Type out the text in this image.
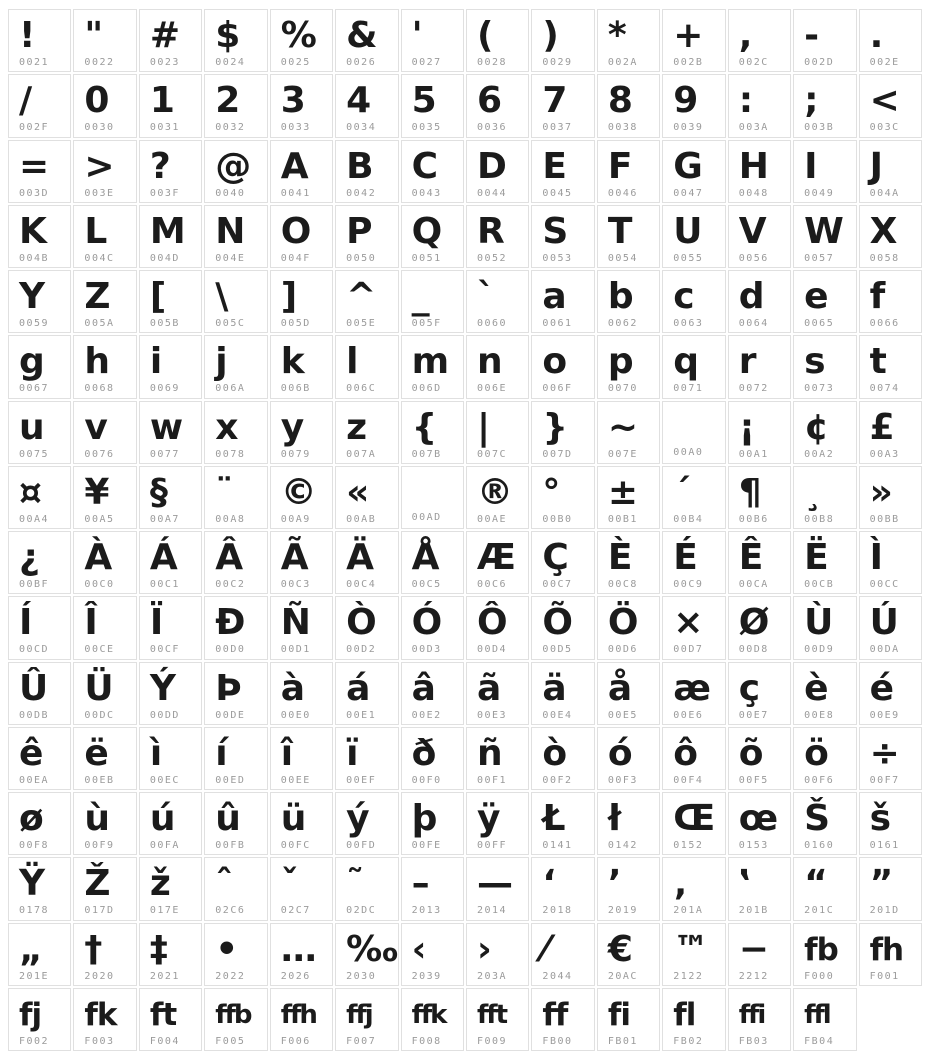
!
0021
"
0022
#
0023
$
0024
%
0025
&
0026
'
0027
(
0028
)
0029
*
002A
+
002B
,
002C
-
002D
.
002E
/
002F
0
0030
1
0031
2
0032
3
0033
4
0034
5
0035
6
0036
7
0037
8
0038
9
0039
:
003A
;
003B
<
003C
=
003D
>
003E
?
003F
@
0040
A
0041
B
0042
C
0043
D
0044
E
0045
F
0046
G
0047
H
0048
I
0049
J
004A
K
004B
L
004C
M
004D
N
004E
O
004F
P
0050
Q
0051
R
0052
S
0053
T
0054
U
0055
V
0056
W
0057
X
0058
Y
0059
Z
005A
[
005B
\
005C
]
005D
^
005E
_
005F
`
0060
a
0061
b
0062
c
0063
d
0064
e
0065
f
0066
g
0067
h
0068
i
0069
j
006A
k
006B
l
006C
m
006D
n
006E
o
006F
p
0070
q
0071
r
0072
s
0073
t
0074
u
0075
v
0076
w
0077
x
0078
y
0079
z
007A
{
007B
|
007C
}
007D
~
007E	00A0
¡
00A1
¢
00A2
£
00A3
¤
00A4
¥
00A5
§
00A7
¨
00A8
©
00A9
«
00AB	00AD
®
00AE
°
00B0
±
00B1
´
00B4
¶
00B6
¸
00B8
»
00BB
¿
00BF
À
00C0
Á
00C1
Â
00C2
Ã
00C3
Ä
00C4
Å
00C5
Æ
00C6
Ç
00C7
È
00C8
É
00C9
Ê
00CA
Ë
00CB
Ì
00CC
Í
00CD
Î
00CE
Ï
00CF
Ð
00D0
Ñ
00D1
Ò
00D2
Ó
00D3
Ô
00D4
Õ
00D5
Ö
00D6
×
00D7
Ø
00D8
Ù
00D9
Ú
00DA
Û
00DB
Ü
00DC
Ý
00DD
Þ
00DE
à
00E0
á
00E1
â
00E2
ã
00E3
ä
00E4
å
00E5
æ
00E6
ç
00E7
è
00E8
é
00E9
ê
00EA
ë
00EB
ì
00EC
í
00ED
î
00EE
ï
00EF
ð
00F0
ñ
00F1
ò
00F2
ó
00F3
ô
00F4
õ
00F5
ö
00F6
÷
00F7
ø
00F8
ù
00F9
ú
00FA
û
00FB
ü
00FC
ý
00FD
þ
00FE
ÿ
00FF
Ł
0141
ł
0142
Œ
0152
œ
0153
Š
0160
š
0161
Ÿ
0178
Ž
017D
ž
017E
ˆ
02C6
ˇ
02C7
˜
02DC
–
2013
—
2014
‘
2018
’
2019
‚
201A
‛
201B
“
201C
”
201D
„
201E
†
2020
‡
2021
•
2022
…
2026
‰
2030
‹
2039
›
203A
⁄
2044
€
20AC
™
2122
−
2212
fb
F000
fh
F001
fj
F002
fk
F003
ft
F004
ffb
F005
ffh
F006
ffj
F007
ffk
F008
fft
F009
ff
FB00
fi
FB01
fl
FB02
ffi
FB03
ffl
FB04
